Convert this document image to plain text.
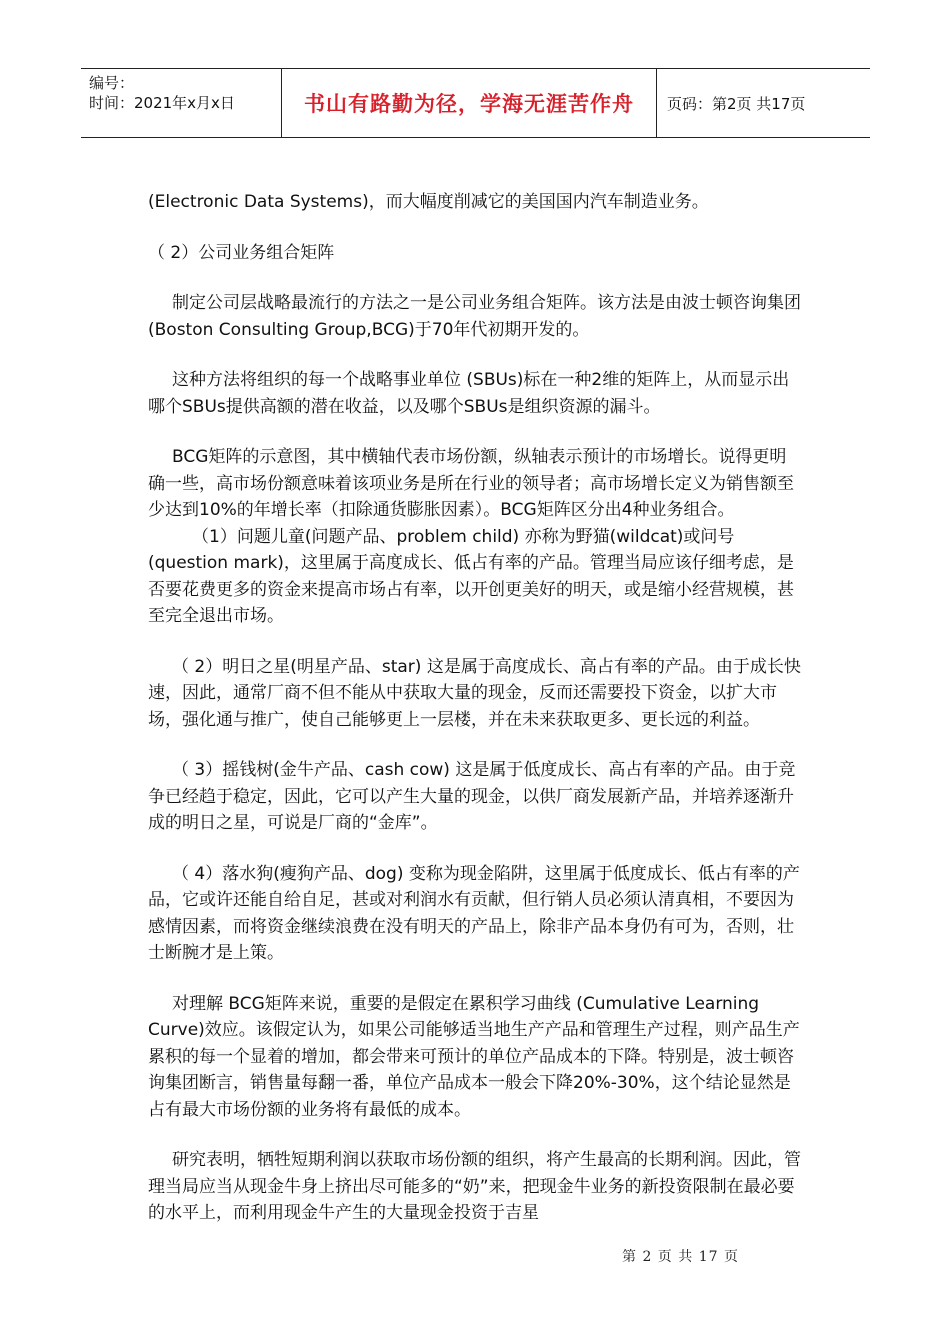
编号：
时间：2021年x月x日	书山有路勤为径，学海无涯苦作舟 页码：第2页 共17页

(Electronic Data Systems)，而大幅度削减它的美国国内汽车制造业务。

（ 2）公司业务组合矩阵

制定公司层战略最流行的方法之一是公司业务组合矩阵。该方法是由波士顿咨询集团 (Boston Consulting Group,BCG)于70年代初期开发的。

这种方法将组织的每一个战略事业单位 (SBUs)标在一种2维的矩阵上，从而显示出哪个SBUs提供高额的潜在收益，以及哪个SBUs是组织资源的漏斗。

BCG矩阵的示意图，其中横轴代表市场份额，纵轴表示预计的市场增长。说得更明确一些，高市场份额意味着该项业务是所在行业的领导者；高市场增长定义为销售额至少达到10%的年增长率（扣除通货膨胀因素）。BCG矩阵区分出4种业务组合。

（1）问题儿童(问题产品、problem child) 亦称为野猫(wildcat)或问号(question mark)，这里属于高度成长、低占有率的产品。管理当局应该仔细考虑，是否要花费更多的资金来提高市场占有率，以开创更美好的明天，或是缩小经营规模，甚至完全退出市场。

（ 2）明日之星(明星产品、star) 这是属于高度成长、高占有率的产品。由于成长快速，因此，通常厂商不但不能从中获取大量的现金，反而还需要投下资金，以扩大市场，强化通与推广，使自己能够更上一层楼，并在未来获取更多、更长远的利益。

（ 3）摇钱树(金牛产品、cash cow) 这是属于低度成长、高占有率的产品。由于竞争已经趋于稳定，因此，它可以产生大量的现金，以供厂商发展新产品，并培养逐渐升成的明日之星，可说是厂商的“金库”。

（ 4）落水狗(瘦狗产品、dog) 变称为现金陷阱，这里属于低度成长、低占有率的产品，它或许还能自给自足，甚或对利润水有贡献，但行销人员必须认清真相，不要因为感情因素，而将资金继续浪费在没有明天的产品上，除非产品本身仍有可为，否则，壮士断腕才是上策。

对理解 BCG矩阵来说，重要的是假定在累积学习曲线 (Cumulative Learning Curve)效应。该假定认为，如果公司能够适当地生产产品和管理生产过程，则产品生产累积的每一个显着的增加，都会带来可预计的单位产品成本的下降。特别是，波士顿咨询集团断言，销售量每翻一番，单位产品成本一般会下降20%-30%，这个结论显然是占有最大市场份额的业务将有最低的成本。

研究表明，牺牲短期利润以获取市场份额的组织，将产生最高的长期利润。因此，管理当局应当从现金牛身上挤出尽可能多的“奶”来，把现金牛业务的新投资限制在最必要的水平上，而利用现金牛产生的大量现金投资于吉星

第 2 页 共 17 页
